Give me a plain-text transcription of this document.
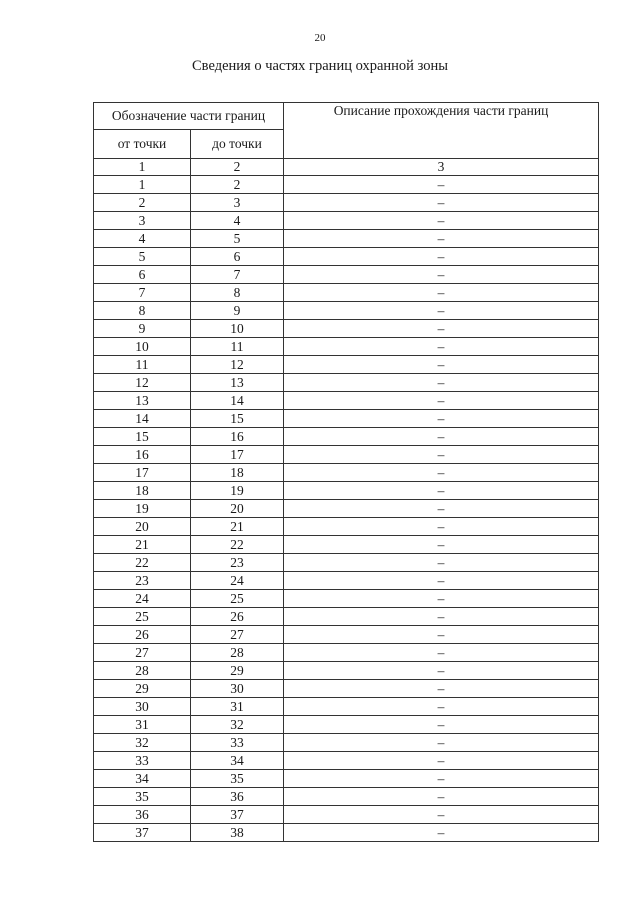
20
Сведения о частях границ охранной зоны
Обозначение части границ		Описание прохождения части границ
от точки	до точки	
1	2	3
1	2	–
2	3	–
3	4	–
4	5	–
5	6	–
6	7	–
7	8	–
8	9	–
9	10	–
10	11	–
11	12	–
12	13	–
13	14	–
14	15	–
15	16	–
16	17	–
17	18	–
18	19	–
19	20	–
20	21	–
21	22	–
22	23	–
23	24	–
24	25	–
25	26	–
26	27	–
27	28	–
28	29	–
29	30	–
30	31	–
31	32	–
32	33	–
33	34	–
34	35	–
35	36	–
36	37	–
37	38	–
